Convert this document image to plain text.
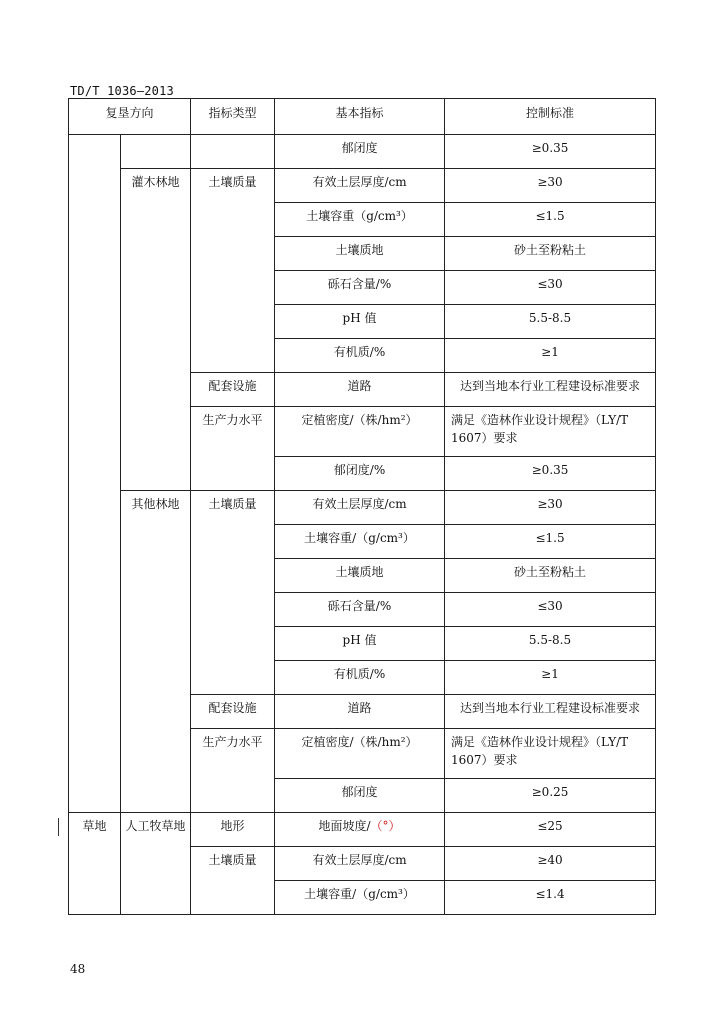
TD/T 1036—2013
复垦方向		指标类型	基本指标	控制标准
			郁闭度	≥0.35
	灌木林地	土壤质量	有效土层厚度/cm	≥30
			土壤容重（g/cm³）	≤1.5
			土壤质地	砂土至粉粘土
			砾石含量/%	≤30
			pH 值	5.5-8.5
			有机质/%	≥1
		配套设施	道路	达到当地本行业工程建设标准要求
		生产力水平	定植密度/（株/hm²）	满足《造林作业设计规程》（LY/T 1607）要求
			郁闭度/%	≥0.35
	其他林地	土壤质量	有效土层厚度/cm	≥30
			土壤容重/（g/cm³）	≤1.5
			土壤质地	砂土至粉粘土
			砾石含量/%	≤30
			pH 值	5.5-8.5
			有机质/%	≥1
		配套设施	道路	达到当地本行业工程建设标准要求
		生产力水平	定植密度/（株/hm²）	满足《造林作业设计规程》（LY/T 1607）要求
			郁闭度	≥0.25
草地	人工牧草地	地形	地面坡度/（°）	≤25
		土壤质量	有效土层厚度/cm	≥40
			土壤容重/（g/cm³）	≤1.4
48
